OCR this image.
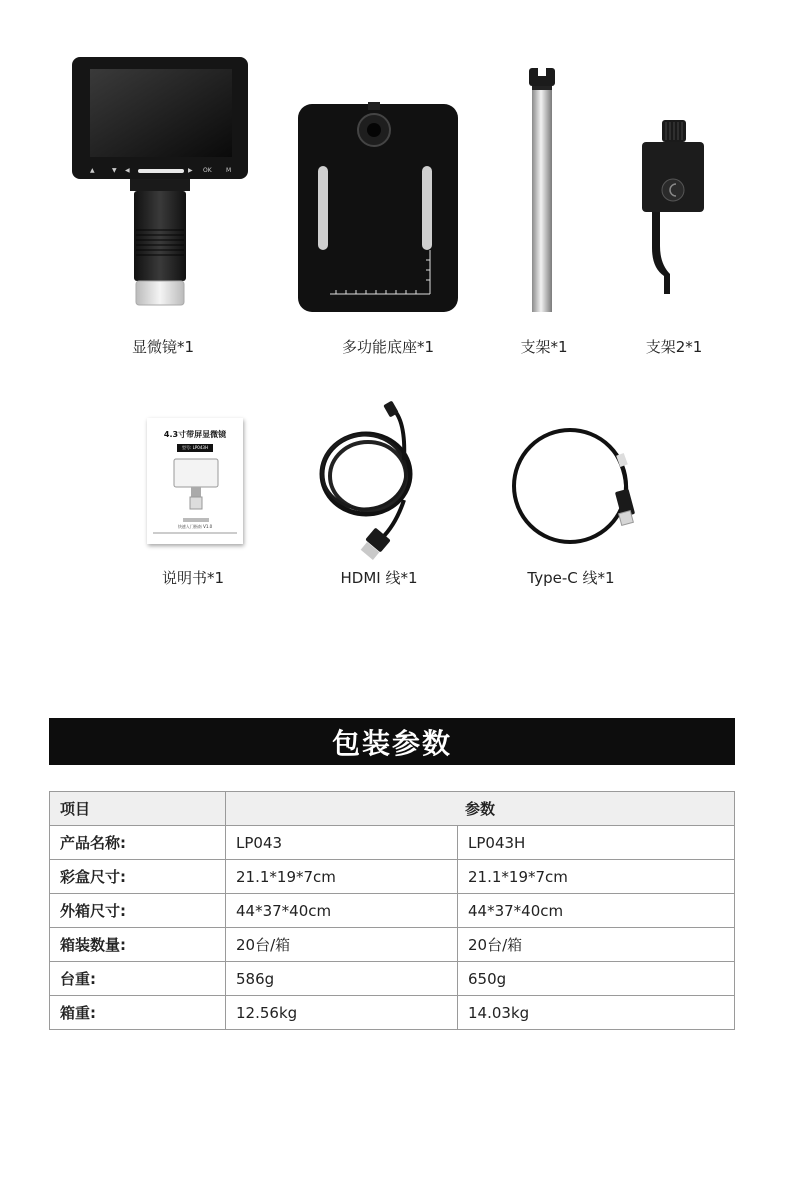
▲	▼ ◀	▶ OK M
显微镜*1	多功能底座*1	支架*1	支架2*1
4.3寸带屏显微镜
型号: LP043H
快速入门指南 V1.0
说明书*1	HDMI 线*1	Type-C 线*1
包装参数
项目	参数	
产品名称:	LP043	LP043H
彩盒尺寸:	21.1*19*7cm	21.1*19*7cm
外箱尺寸:	44*37*40cm	44*37*40cm
箱装数量:	20台/箱	20台/箱
台重:	586g	650g
箱重:	12.56kg	14.03kg
